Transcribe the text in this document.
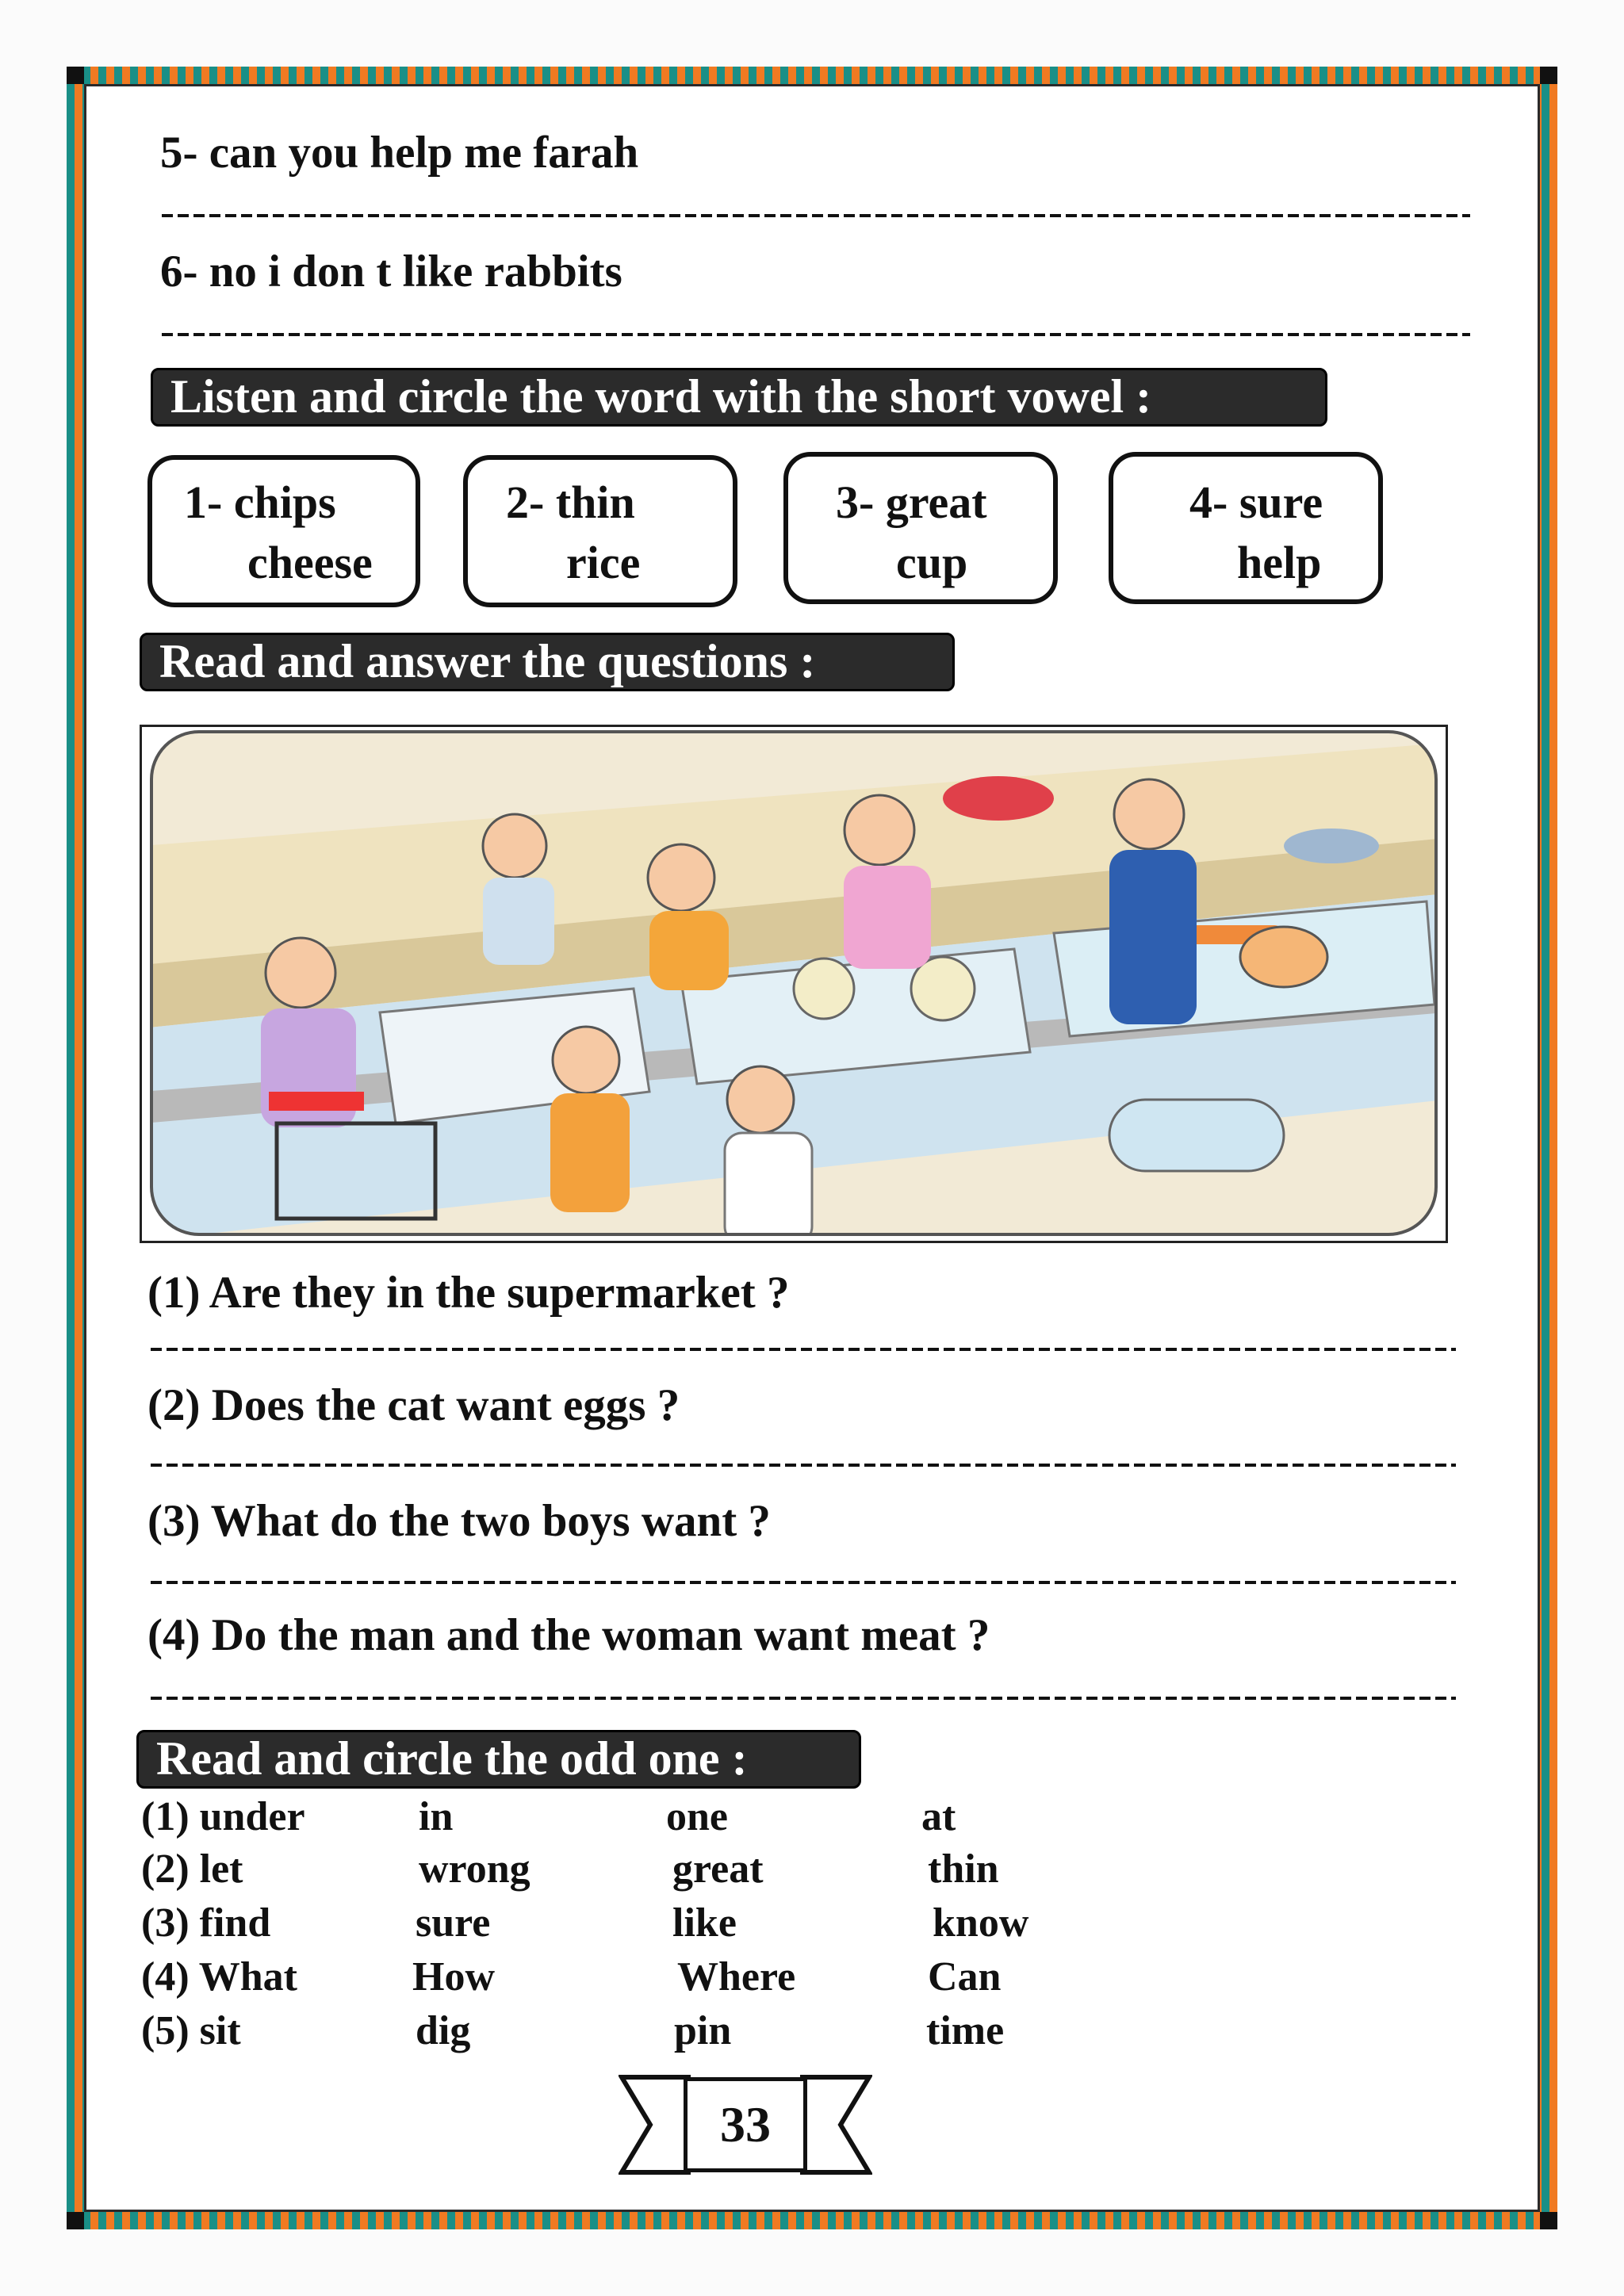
5- can you help me farah
6- no i don t like rabbits
Listen and circle the word with the short vowel :
1- chips
cheese
2- thin
rice
3- great
cup
4- sure
help
Read and answer the questions :
(1) Are they in the supermarket ?
(2) Does the cat want eggs ?
(3) What do the two boys want ?
(4) Do the man and the woman want meat ?
Read and circle the odd one :
(1) under	in	one	at
(2) let	wrong	great	thin
(3) find	sure	like	know
(4) What	How	Where	Can
(5) sit	dig	pin	time
33
